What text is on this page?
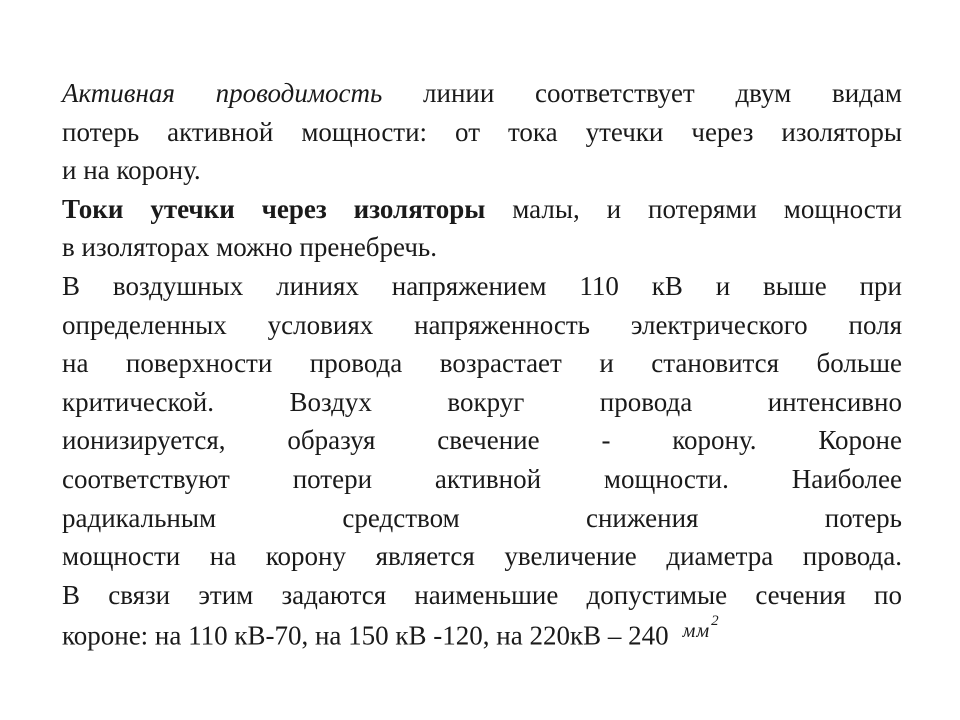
Активная проводимость линии соответствует двум видам
потерь активной мощности: от тока утечки через изоляторы
и на корону.
Токи утечки через изоляторы малы, и потерями мощности
в изоляторах можно пренебречь.
В воздушных линиях напряжением 110 кВ и выше при
определенных условиях напряженность электрического поля
на поверхности провода возрастает и становится больше
критической. Воздух вокруг провода интенсивно
ионизируется, образуя свечение - корону. Короне
соответствуют потери активной мощности. Наиболее
радикальным средством снижения потерь
мощности на корону является увеличение диаметра провода.
В связи этим задаются наименьшие допустимые сечения по
короне: на 110 кВ-70, на 150 кВ -120, на 220кВ – 240 $^{мм^2}$
